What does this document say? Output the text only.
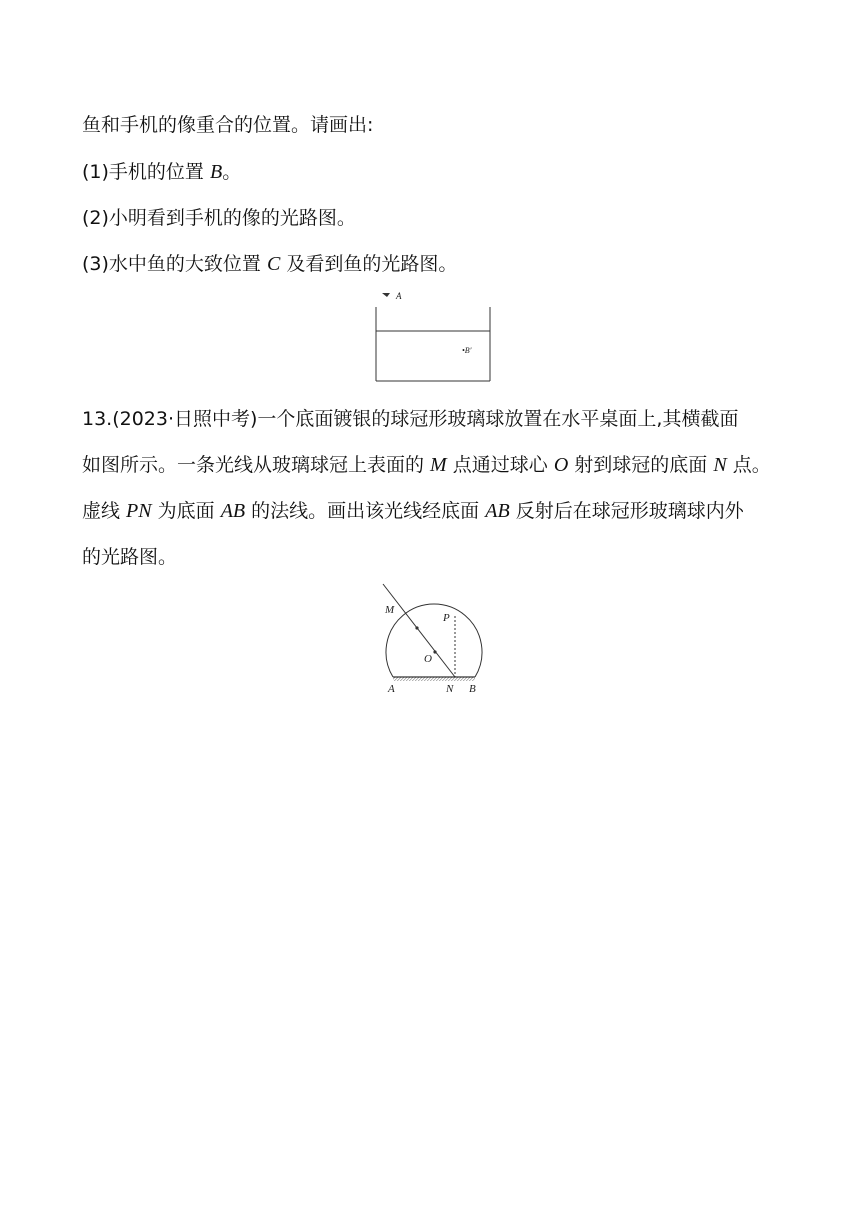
鱼和手机的像重合的位置。请画出:
(1)手机的位置 B。
(2)小明看到手机的像的光路图。
(3)水中鱼的大致位置 C 及看到鱼的光路图。
A
•B′
13.(2023·日照中考)一个底面镀银的球冠形玻璃球放置在水平桌面上,其横截面
如图所示。一条光线从玻璃球冠上表面的 M 点通过球心 O 射到球冠的底面 N 点。
虚线 PN 为底面 AB 的法线。画出该光线经底面 AB 反射后在球冠形玻璃球内外
的光路图。
M
P
O
A	N B
